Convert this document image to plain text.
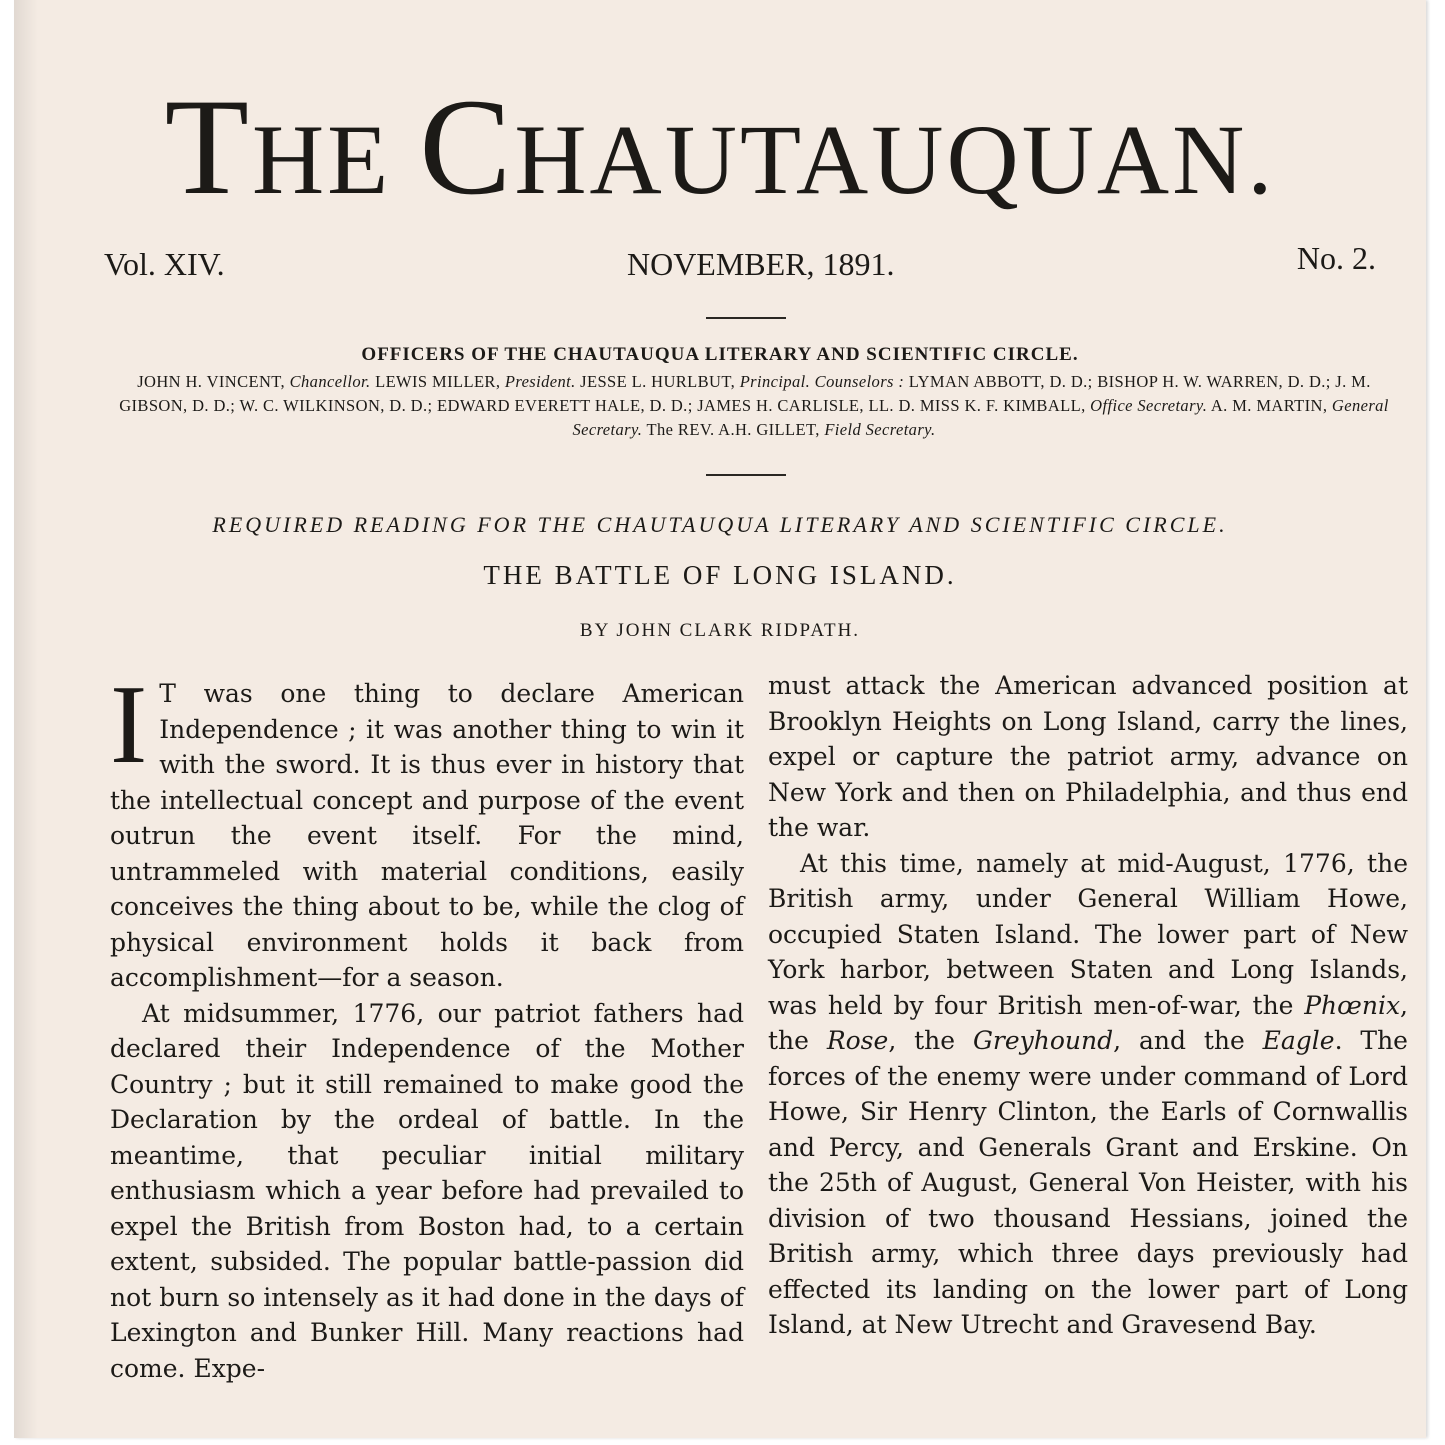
THE CHAUTAUQUAN.
Vol. XIV.	NOVEMBER, 1891.	No. 2.
OFFICERS OF THE CHAUTAUQUA LITERARY AND SCIENTIFIC CIRCLE.
JOHN H. VINCENT, Chancellor. LEWIS MILLER, President. JESSE L. HURLBUT, Principal. Counselors : LYMAN ABBOTT, D. D.; BISHOP H. W. WARREN, D. D.; J. M. GIBSON, D. D.; W. C. WILKINSON, D. D.; EDWARD EVERETT HALE, D. D.; JAMES H. CARLISLE, LL. D. MISS K. F. KIMBALL, Office Secretary. A. M. MARTIN, General Secretary. The REV. A.H. GILLET, Field Secretary.
REQUIRED READING FOR THE CHAUTAUQUA LITERARY AND SCIENTIFIC CIRCLE.
THE BATTLE OF LONG ISLAND.
BY JOHN CLARK RIDPATH.

I T was one thing to declare American Independence ; it was another thing to win it with the sword. It is thus ever in history that the intellectual concept and purpose of the event outrun the event itself. For the mind, untrammeled with material conditions, easily conceives the thing about to be, while the clog of physical environment holds it back from accomplishment—for a season.

At midsummer, 1776, our patriot fathers had declared their Independence of the Mother Country ; but it still remained to make good the Declaration by the ordeal of battle. In the meantime, that peculiar initial military enthusiasm which a year before had prevailed to expel the British from Boston had, to a certain extent, subsided. The popular battle-passion did not burn so intensely as it had done in the days of Lexington and Bunker Hill. Many reactions had come. Expe-

must attack the American advanced position at Brooklyn Heights on Long Island, carry the lines, expel or capture the patriot army, advance on New York and then on Philadelphia, and thus end the war.

At this time, namely at mid-August, 1776, the British army, under General William Howe, occupied Staten Island. The lower part of New York harbor, between Staten and Long Islands, was held by four British men-of-war, the Phœnix, the Rose, the Greyhound, and the Eagle. The forces of the enemy were under command of Lord Howe, Sir Henry Clinton, the Earls of Cornwallis and Percy, and Generals Grant and Erskine. On the 25th of August, General Von Heister, with his division of two thousand Hessians, joined the British army, which three days previously had effected its landing on the lower part of Long Island, at New Utrecht and Gravesend Bay.
